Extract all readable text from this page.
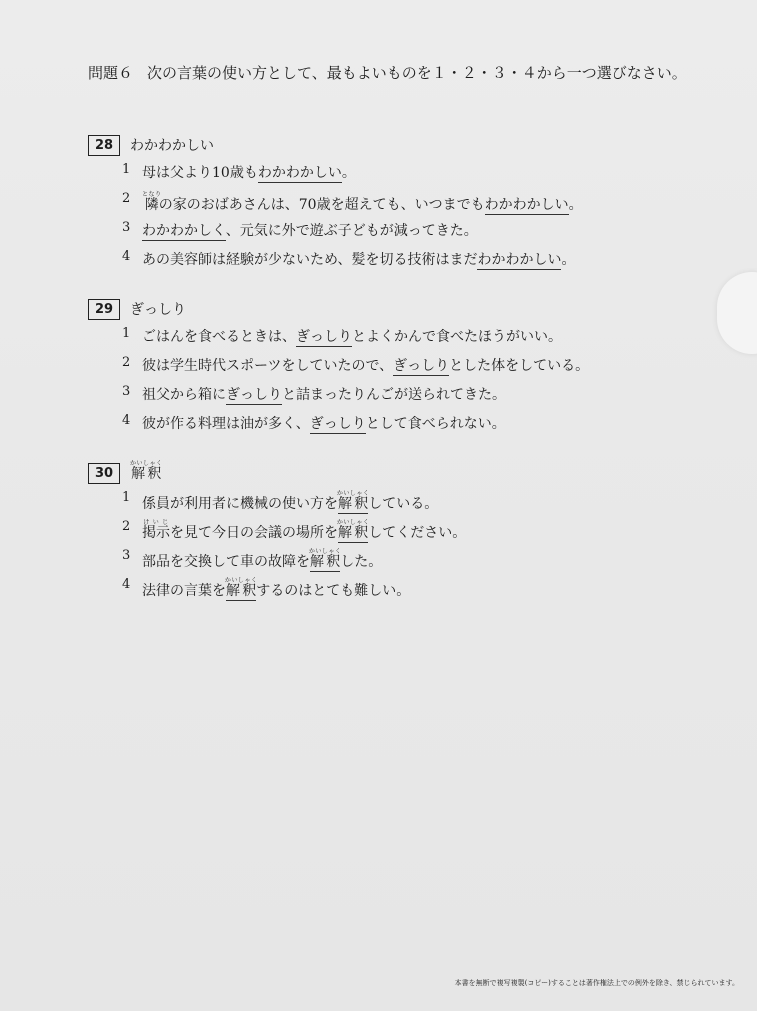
問題６ 次の言葉の使い方として、最もよいものを１・２・３・４から一つ選びなさい。
28	わかわかしい
1 母は父より10歳もわかわかしい。
2 隣となりの家のおばあさんは、70歳を超えても、いつまでもわかわかしい。
3 わかわかしく、元気に外で遊ぶ子どもが減ってきた。
4 あの美容師は経験が少ないため、髪を切る技術はまだわかわかしい。
29	ぎっしり
1 ごはんを食べるときは、ぎっしりとよくかんで食べたほうがいい。
2 彼は学生時代スポーツをしていたので、ぎっしりとした体をしている。
3 祖父から箱にぎっしりと詰まったりんごが送られてきた。
4 彼が作る料理は油が多く、ぎっしりとして食べられない。
30	解釈かいしゃく
1 係員が利用者に機械の使い方を解釈かいしゃくしている。
2 掲示けいじを見て今日の会議の場所を解釈かいしゃくしてください。
3 部品を交換して車の故障を解釈かいしゃくした。
4 法律の言葉を解釈かいしゃくするのはとても難しい。
本書を無断で複写複製(コピー)することは著作権法上での例外を除き、禁じられています。
